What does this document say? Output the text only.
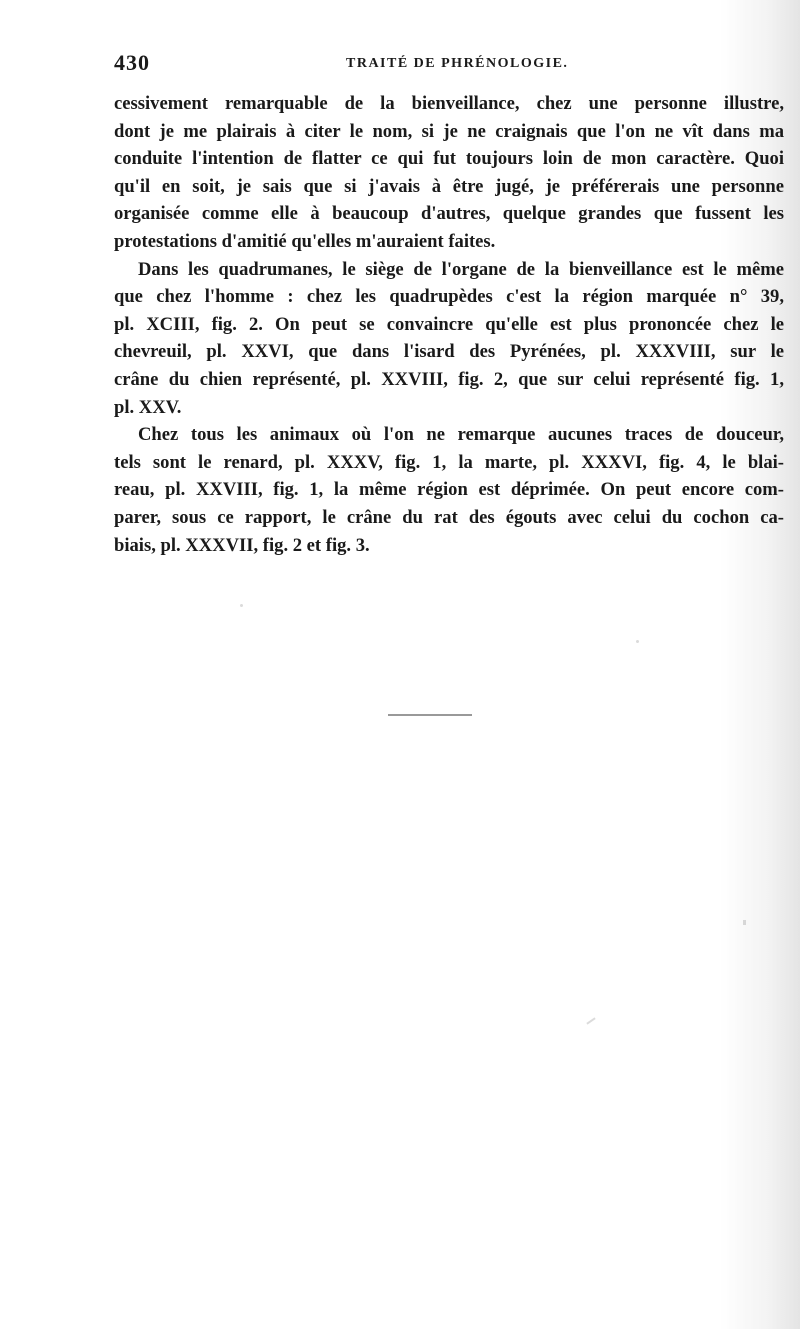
430	TRAITÉ DE PHRÉNOLOGIE.

cessivement remarquable de la bienveillance, chez une personne illustre,
dont je me plairais à citer le nom, si je ne craignais que l'on ne vît dans ma
conduite l'intention de flatter ce qui fut toujours loin de mon caractère. Quoi
qu'il en soit, je sais que si j'avais à être jugé, je préférerais une personne
organisée comme elle à beaucoup d'autres, quelque grandes que fussent les
protestations d'amitié qu'elles m'auraient faites.

Dans les quadrumanes, le siège de l'organe de la bienveillance est le même
que chez l'homme : chez les quadrupèdes c'est la région marquée n° 39,
pl. XCIII, fig. 2. On peut se convaincre qu'elle est plus prononcée chez le
chevreuil, pl. XXVI, que dans l'isard des Pyrénées, pl. XXXVIII, sur le
crâne du chien représenté, pl. XXVIII, fig. 2, que sur celui représenté fig. 1,
pl. XXV.

Chez tous les animaux où l'on ne remarque aucunes traces de douceur,
tels sont le renard, pl. XXXV, fig. 1, la marte, pl. XXXVI, fig. 4, le blai-
reau, pl. XXVIII, fig. 1, la même région est déprimée. On peut encore com-
parer, sous ce rapport, le crâne du rat des égouts avec celui du cochon ca-
biais, pl. XXXVII, fig. 2 et fig. 3.
